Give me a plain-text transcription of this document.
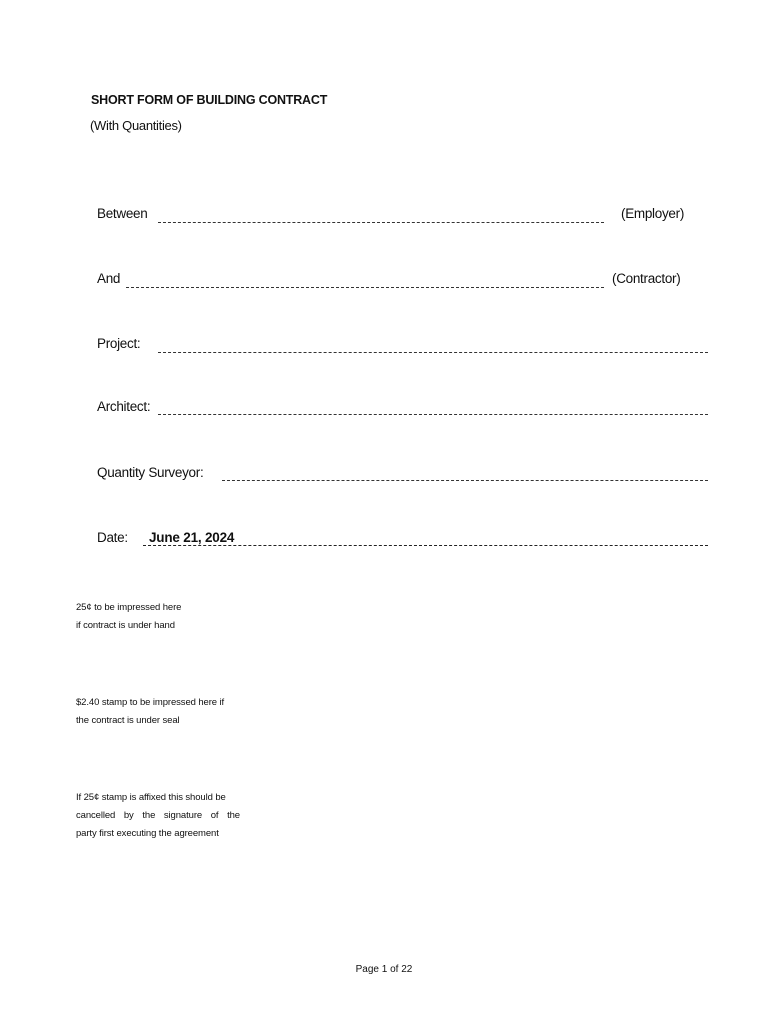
SHORT FORM OF BUILDING CONTRACT
(With Quantities)
Between	(Employer)
And	(Contractor)
Project:
Architect:
Quantity Surveyor:
Date: June 21, 2024
25¢ to be impressed here
if contract is under hand
$2.40 stamp to be impressed here if
the contract is under seal
If 25¢ stamp is affixed this should be
cancelled by the signature of the
party first executing the agreement
Page 1 of 22
